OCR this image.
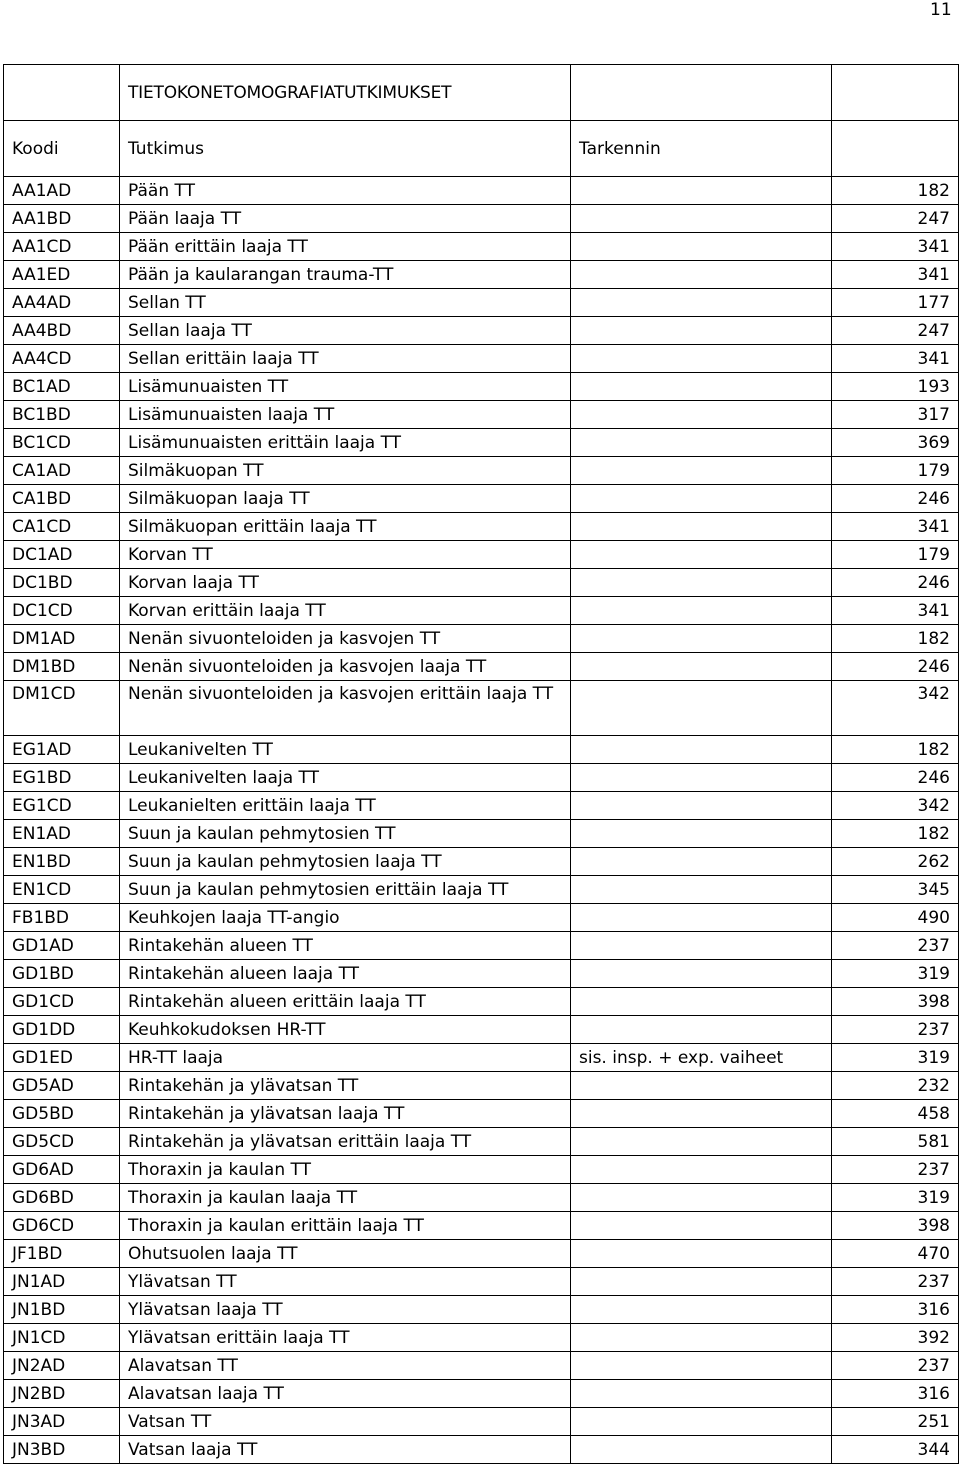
11
	TIETOKONETOMOGRAFIATUTKIMUKSET		
Koodi	Tutkimus	Tarkennin	
AA1AD	Pään TT		182
AA1BD	Pään laaja TT		247
AA1CD	Pään erittäin laaja TT		341
AA1ED	Pään ja kaularangan trauma-TT		341
AA4AD	Sellan TT		177
AA4BD	Sellan laaja TT		247
AA4CD	Sellan erittäin laaja TT		341
BC1AD	Lisämunuaisten TT		193
BC1BD	Lisämunuaisten laaja TT		317
BC1CD	Lisämunuaisten erittäin laaja TT		369
CA1AD	Silmäkuopan TT		179
CA1BD	Silmäkuopan laaja TT		246
CA1CD	Silmäkuopan erittäin laaja TT		341
DC1AD	Korvan TT		179
DC1BD	Korvan laaja TT		246
DC1CD	Korvan erittäin laaja TT		341
DM1AD	Nenän sivuonteloiden ja kasvojen TT		182
DM1BD	Nenän sivuonteloiden ja kasvojen laaja TT		246
DM1CD	Nenän sivuonteloiden ja kasvojen erittäin laaja TT		342
EG1AD	Leukanivelten TT		182
EG1BD	Leukanivelten laaja TT		246
EG1CD	Leukanielten erittäin laaja TT		342
EN1AD	Suun ja kaulan pehmytosien TT		182
EN1BD	Suun ja kaulan pehmytosien laaja TT		262
EN1CD	Suun ja kaulan pehmytosien erittäin laaja TT		345
FB1BD	Keuhkojen laaja TT-angio		490
GD1AD	Rintakehän alueen TT		237
GD1BD	Rintakehän alueen laaja TT		319
GD1CD	Rintakehän alueen erittäin laaja TT		398
GD1DD	Keuhkokudoksen HR-TT		237
GD1ED	HR-TT laaja	sis. insp. + exp. vaiheet	319
GD5AD	Rintakehän ja ylävatsan TT		232
GD5BD	Rintakehän ja ylävatsan laaja TT		458
GD5CD	Rintakehän ja ylävatsan erittäin laaja TT		581
GD6AD	Thoraxin ja kaulan TT		237
GD6BD	Thoraxin ja kaulan laaja TT		319
GD6CD	Thoraxin ja kaulan erittäin laaja TT		398
JF1BD	Ohutsuolen laaja TT		470
JN1AD	Ylävatsan TT		237
JN1BD	Ylävatsan laaja TT		316
JN1CD	Ylävatsan erittäin laaja TT		392
JN2AD	Alavatsan TT		237
JN2BD	Alavatsan laaja TT		316
JN3AD	Vatsan TT		251
JN3BD	Vatsan laaja TT		344
